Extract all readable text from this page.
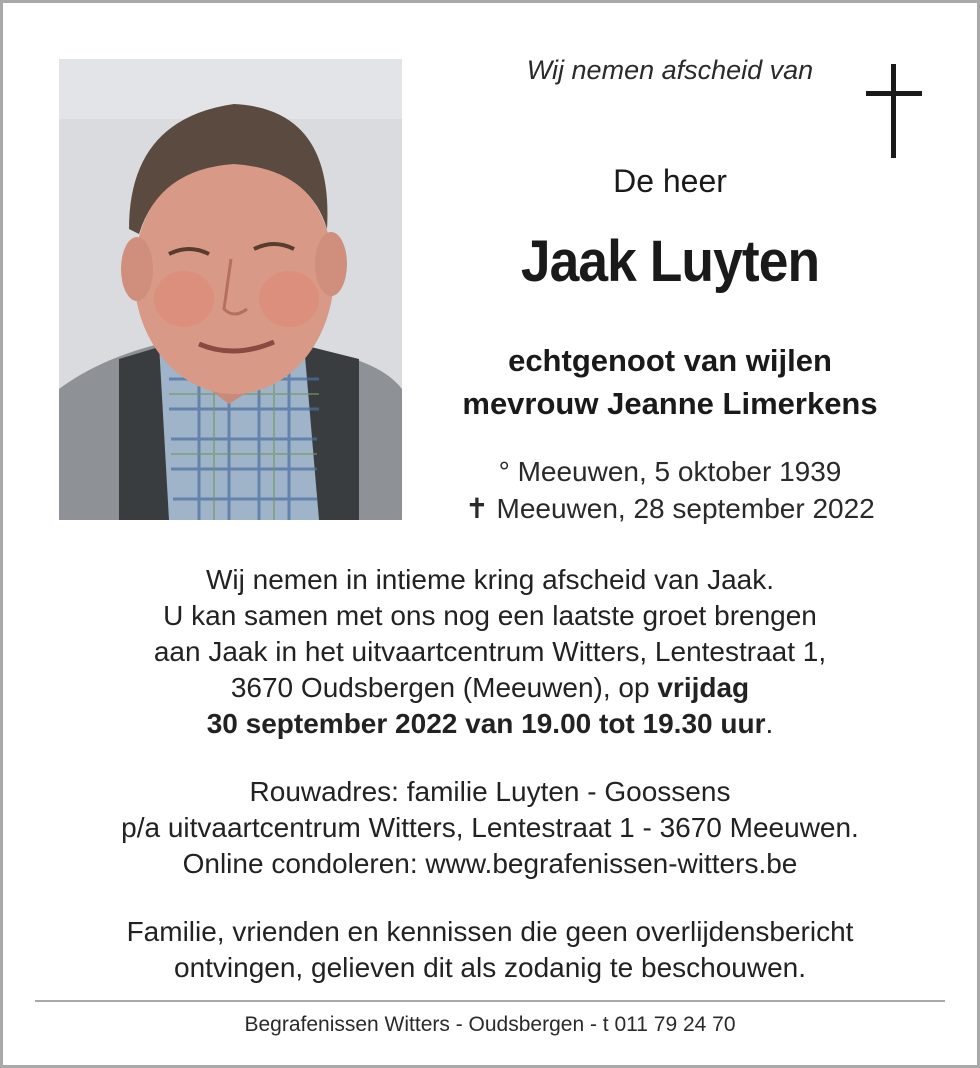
Wij nemen afscheid van
De heer
Jaak Luyten
echtgenoot van wijlen
mevrouw Jeanne Limerkens
° Meeuwen, 5 oktober 1939
✝ Meeuwen, 28 september 2022
Wij nemen in intieme kring afscheid van Jaak.
U kan samen met ons nog een laatste groet brengen
aan Jaak in het uitvaartcentrum Witters, Lentestraat 1,
3670 Oudsbergen (Meeuwen), op vrijdag
30 september 2022 van 19.00 tot 19.30 uur.
Rouwadres: familie Luyten - Goossens
p/a uitvaartcentrum Witters, Lentestraat 1 - 3670 Meeuwen.
Online condoleren: www.begrafenissen-witters.be
Familie, vrienden en kennissen die geen overlijdensbericht
ontvingen, gelieven dit als zodanig te beschouwen.
Begrafenissen Witters - Oudsbergen - t 011 79 24 70
